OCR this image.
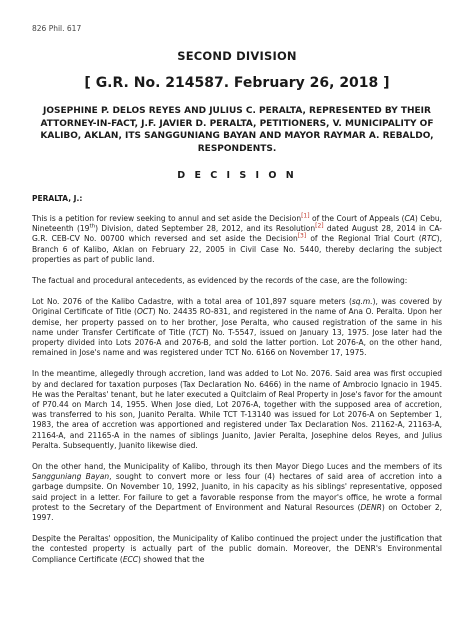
826 Phil. 617
SECOND DIVISION
[ G.R. No. 214587. February 26, 2018 ]
JOSEPHINE P. DELOS REYES AND JULIUS C. PERALTA, REPRESENTED BY THEIR ATTORNEY-IN-FACT, J.F. JAVIER D. PERALTA, PETITIONERS, V. MUNICIPALITY OF KALIBO, AKLAN, ITS SANGGUNIANG BAYAN AND MAYOR RAYMAR A. REBALDO, RESPONDENTS.
D E C I S I O N
PERALTA, J.:
This is a petition for review seeking to annul and set aside the Decision[1] of the Court of Appeals (CA) Cebu, Nineteenth (19th) Division, dated September 28, 2012, and its Resolution[2] dated August 28, 2014 in CA-G.R. CEB-CV No. 00700 which reversed and set aside the Decision[3] of the Regional Trial Court (RTC), Branch 6 of Kalibo, Aklan on February 22, 2005 in Civil Case No. 5440, thereby declaring the subject properties as part of public land.
The factual and procedural antecedents, as evidenced by the records of the case, are the following:
Lot No. 2076 of the Kalibo Cadastre, with a total area of 101,897 square meters (sq.m.), was covered by Original Certificate of Title (OCT) No. 24435 RO-831, and registered in the name of Ana O. Peralta. Upon her demise, her property passed on to her brother, Jose Peralta, who caused registration of the same in his name under Transfer Certificate of Title (TCT) No. T-5547, issued on January 13, 1975. Jose later had the property divided into Lots 2076-A and 2076-B, and sold the latter portion. Lot 2076-A, on the other hand, remained in Jose's name and was registered under TCT No. 6166 on November 17, 1975.
In the meantime, allegedly through accretion, land was added to Lot No. 2076. Said area was first occupied by and declared for taxation purposes (Tax Declaration No. 6466) in the name of Ambrocio Ignacio in 1945. He was the Peraltas' tenant, but he later executed a Quitclaim of Real Property in Jose's favor for the amount of P70.44 on March 14, 1955. When Jose died, Lot 2076-A, together with the supposed area of accretion, was transferred to his son, Juanito Peralta. While TCT T-13140 was issued for Lot 2076-A on September 1, 1983, the area of accretion was apportioned and registered under Tax Declaration Nos. 21162-A, 21163-A, 21164-A, and 21165-A in the names of siblings Juanito, Javier Peralta, Josephine delos Reyes, and Julius Peralta. Subsequently, Juanito likewise died.
On the other hand, the Municipality of Kalibo, through its then Mayor Diego Luces and the members of its Sangguniang Bayan, sought to convert more or less four (4) hectares of said area of accretion into a garbage dumpsite. On November 10, 1992, Juanito, in his capacity as his siblings' representative, opposed said project in a letter. For failure to get a favorable response from the mayor's office, he wrote a formal protest to the Secretary of the Department of Environment and Natural Resources (DENR) on October 2, 1997.
Despite the Peraltas' opposition, the Municipality of Kalibo continued the project under the justification that the contested property is actually part of the public domain. Moreover, the DENR's Environmental Compliance Certificate (ECC) showed that the
